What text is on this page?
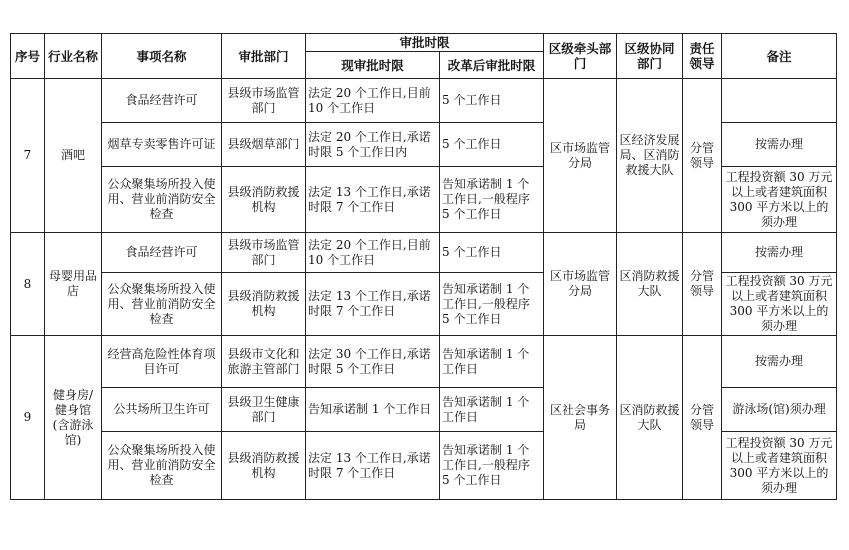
序号	行业名称	事项名称	审批部门	审批时限		区级牵头部门	区级协同部门	责任领导	备注
				现审批时限	改革后审批时限				
7	酒吧	食品经营许可	县级市场监管部门	法定 20 个工作日,目前 10 个工作日	5 个工作日	区市场监管分局	区经济发展局、区消防救援大队	分管领导	
		烟草专卖零售许可证	县级烟草部门	法定 20 个工作日,承诺时限 5 个工作日内	5 个工作日				按需办理
		公众聚集场所投入使用、营业前消防安全检查	县级消防救援机构	法定 13 个工作日,承诺时限 7 个工作日	告知承诺制 1 个工作日,一般程序 5 个工作日				工程投资额 30 万元以上或者建筑面积 300 平方米以上的须办理
8	母婴用品店	食品经营许可	县级市场监管部门	法定 20 个工作日,目前 10 个工作日	5 个工作日	区市场监管分局	区消防救援大队	分管领导	按需办理
		公众聚集场所投入使用、营业前消防安全检查	县级消防救援机构	法定 13 个工作日,承诺时限 7 个工作日	告知承诺制 1 个工作日,一般程序 5 个工作日				工程投资额 30 万元以上或者建筑面积 300 平方米以上的须办理
9	健身房/健身馆(含游泳馆)	经营高危险性体育项目许可	县级市文化和旅游主管部门	法定 30 个工作日,承诺时限 5 个工作日	告知承诺制 1 个工作日	区社会事务局	区消防救援大队	分管领导	按需办理
		公共场所卫生许可	县级卫生健康部门	告知承诺制 1 个工作日	告知承诺制 1 个工作日				游泳场(馆)须办理
		公众聚集场所投入使用、营业前消防安全检查	县级消防救援机构	法定 13 个工作日,承诺时限 7 个工作日	告知承诺制 1 个工作日,一般程序 5 个工作日				工程投资额 30 万元以上或者建筑面积 300 平方米以上的须办理
